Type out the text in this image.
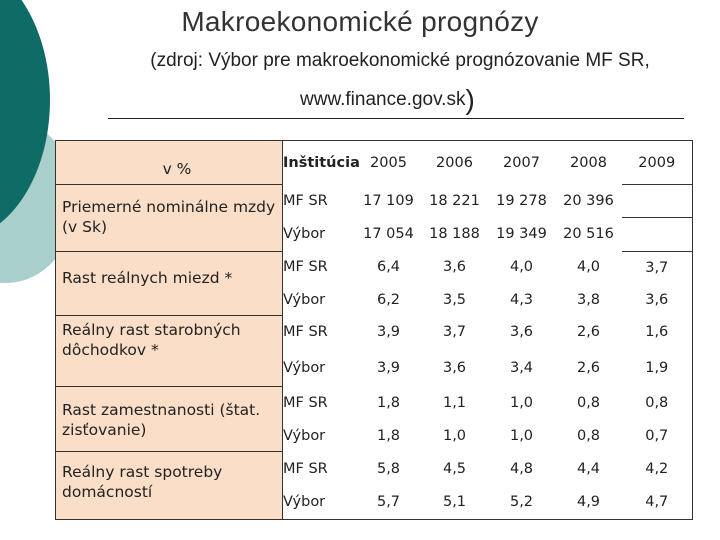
Makroekonomické prognózy
(zdroj: Výbor pre makroekonomické prognózovanie MF SR,
www.finance.gov.sk)
v %	Inštitúcia	2005	2006	2007	2008	2009

Priemerné nominálne mzdy (v Sk)	MF SR	17 109	18 221	19 278	20 396	
	Výbor	17 054	18 188	19 349	20 516	

Rast reálnych miezd *	MF SR	6,4	3,6	4,0	4,0	3,7
	Výbor	6,2	3,5	4,3	3,8	3,6

Reálny rast starobných dôchodkov *	MF SR	3,9	3,7	3,6	2,6	1,6
	Výbor	3,9	3,6	3,4	2,6	1,9

Rast zamestnanosti (štat. zisťovanie)	MF SR	1,8	1,1	1,0	0,8	0,8
	Výbor	1,8	1,0	1,0	0,8	0,7

Reálny rast spotreby domácností	MF SR	5,8	4,5	4,8	4,4	4,2
	Výbor	5,7	5,1	5,2	4,9	4,7
